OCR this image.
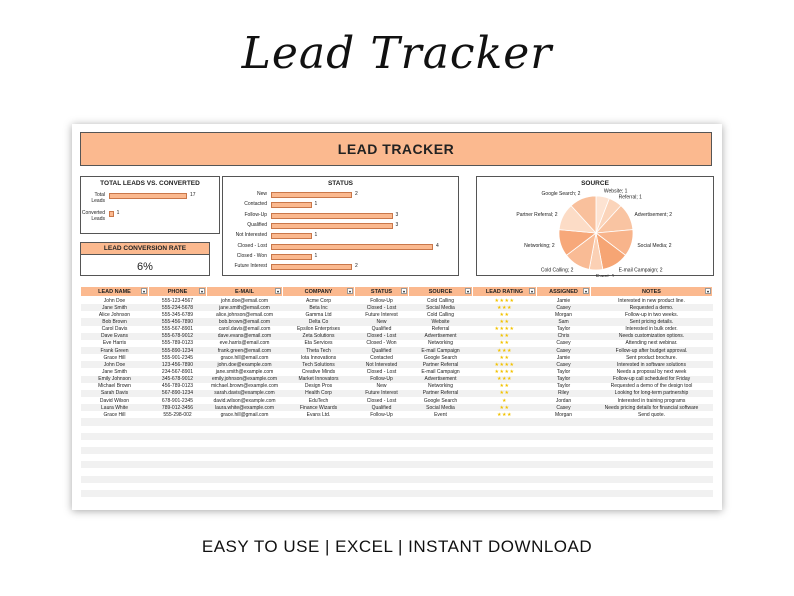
Lead Tracker
LEAD TRACKER
TOTAL LEADS VS. CONVERTED
Total Leads
17
Converted Leads
1
LEAD CONVERSION RATE
6%
STATUS
New	2
Contacted	1
Follow-Up	3
Qualified	3
Not Interested	1
Closed - Lost	4
Closed - Won	1
Future Interest	2
SOURCE
Website; 1
Referral; 1
Advertisement; 2
Social Media; 2
E-mail Campaign; 2
Event; 1
Cold Calling; 2
Networking; 2
Partner Referral; 2
Google Search; 2
LEAD NAME ▾	PHONE ▾	E-MAIL ▾	COMPANY ▾	STATUS ▾	SOURCE ▾	LEAD RATING ▾	ASSIGNED ▾	NOTES ▾

John Doe	555-123-4567	john.doe@email.com	Acme Corp	Follow-Up	Cold Calling	★★★★	Jamie	Interested in new product line.
Jane Smith	555-234-5678	jane.smith@email.com	Beta Inc	Closed - Lost	Social Media	★★★	Casey	Requested a demo.
Alice Johnson	555-345-6789	alice.johnson@email.com	Gamma Ltd	Future Interest	Cold Calling	★★	Morgan	Follow-up in two weeks.
Bob Brown	555-456-7890	bob.brown@email.com	Delta Co	New	Website	★★	Sam	Sent pricing details.
Carol Davis	555-567-8901	carol.davis@email.com	Epsilon Enterprises	Qualified	Referral	★★★★	Taylor	Interested in bulk order.
Dave Evans	555-678-9012	dave.evans@email.com	Zeta Solutions	Closed - Lost	Advertisement	★★	Chris	Needs customization options.
Eve Harris	555-789-0123	eve.harris@email.com	Eta Services	Closed - Won	Networking	★★	Casey	Attending next webinar.
Frank Green	555-890-1234	frank.green@email.com	Theta Tech	Qualified	E-mail Campaign	★★★	Casey	Follow-up after budget approval.
Grace Hill	555-901-2345	grace.hill@email.com	Iota Innovations	Contacted	Google Search	★★	Jamie	Sent product brochure.
John Doe	123-456-7890	john.doe@example.com	Tech Solutions	Not Interested	Partner Referral	★★★★	Casey	Interested in software solutions
Jane Smith	234-567-8901	jane.smith@example.com	Creative Minds	Closed - Lost	E-mail Campaign	★★★★	Taylor	Needs a proposal by next week
Emily Johnson	345-678-9012	emily.johnson@example.com	Market Innovators	Follow-Up	Advertisement	★★★	Taylor	Follow-up call scheduled for Friday
Michael Brown	456-789-0123	michael.brown@example.com	Design Pros	New	Networking	★★	Taylor	Requested a demo of the design tool
Sarah Davis	567-890-1234	sarah.davis@example.com	Health Corp	Future Interest	Partner Referral	★★	Riley	Looking for long-term partnership
David Wilson	678-901-2345	david.wilson@example.com	EduTech	Closed - Lost	Google Search	★	Jordan	Interested in training programs
Laura White	789-012-3456	laura.white@example.com	Finance Wizards	Qualified	Social Media	★★	Casey	Needs pricing details for financial software
Grace Hill	555-298-002	grace.hill@gmail.com	Evans Ltd.	Follow-Up	Event	★★★	Morgan	Send quote.

EASY TO USE | EXCEL | INSTANT DOWNLOAD
